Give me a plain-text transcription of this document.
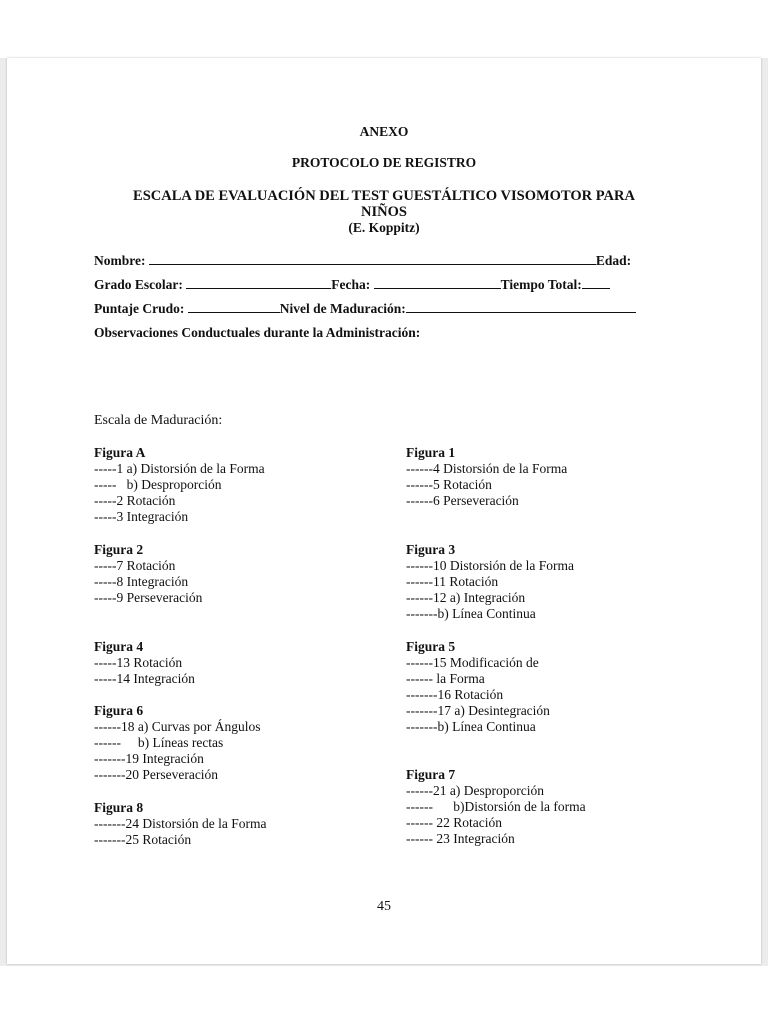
ANEXO
PROTOCOLO DE REGISTRO
ESCALA DE EVALUACIÓN DEL TEST GUESTÁLTICO VISOMOTOR PARA
NIÑOS
(E. Koppitz)
Nombre:	Edad:
Grado Escolar:	Fecha:	Tiempo Total:
Puntaje Crudo:	Nivel de Maduración:
Observaciones Conductuales durante la Administración:
Escala de Maduración:
Figura A
-----1 a) Distorsión de la Forma
-----   b) Desproporción
-----2 Rotación
-----3 Integración
Figura 2
-----7 Rotación
-----8 Integración
-----9 Perseveración
Figura 4
-----13 Rotación
-----14 Integración
Figura 6
------18 a) Curvas por Ángulos
------     b) Líneas rectas
-------19 Integración
-------20 Perseveración
Figura 8
-------24 Distorsión de la Forma
-------25 Rotación
Figura 1
------4 Distorsión de la Forma
------5 Rotación
------6 Perseveración
Figura 3
------10 Distorsión de la Forma
------11 Rotación
------12 a) Integración
-------b) Línea Continua
Figura 5
------15 Modificación de
------ la Forma
-------16 Rotación
-------17 a) Desintegración
-------b) Línea Continua
Figura 7
------21 a) Desproporción
------      b)Distorsión de la forma
------ 22 Rotación
------ 23 Integración
45
